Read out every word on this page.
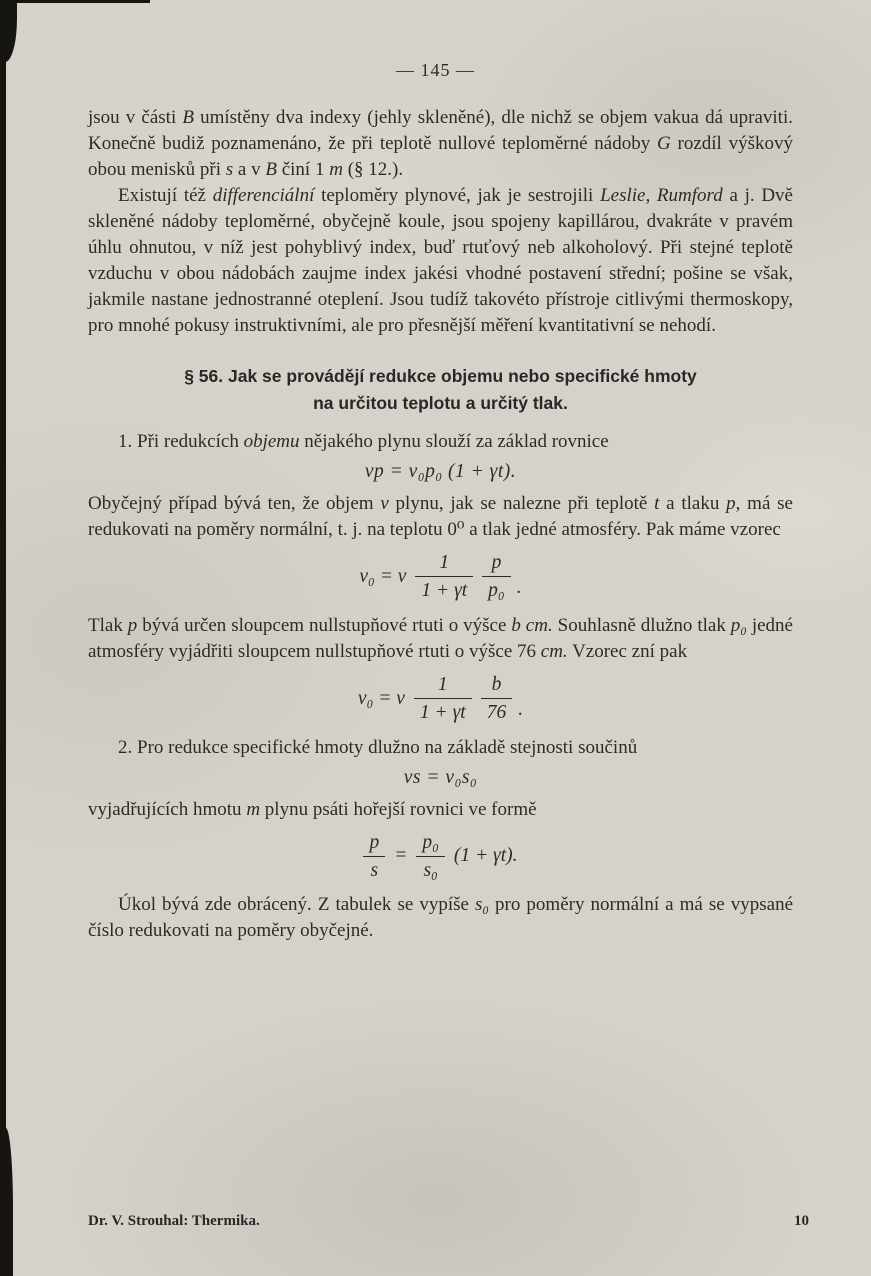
— 145 —

jsou v části B umístěny dva indexy (jehly skleněné), dle nichž se objem vakua dá upraviti. Konečně budiž poznamenáno, že při teplotě nullové teploměrné nádoby G rozdíl výškový obou menisků při s a v B činí 1 m (§ 12.).

Existují též differenciální teploměry plynové, jak je sestrojili Leslie, Rumford a j. Dvě skleněné nádoby teploměrné, obyčejně koule, jsou spojeny kapillárou, dvakráte v pravém úhlu ohnutou, v níž jest pohyblivý index, buď rtuťový neb alkoholový. Při stejné teplotě vzduchu v obou nádobách zaujme index jakési vhodné postavení střední; pošine se však, jakmile nastane jednostranné oteplení. Jsou tudíž takovéto přístroje citlivými thermoskopy, pro mnohé pokusy instruktivními, ale pro přesnější měření kvantitativní se nehodí.

§ 56. Jak se provádějí redukce objemu nebo specifické hmoty
na určitou teplotu a určitý tlak.

1. Při redukcích objemu nějakého plynu slouží za základ rovnice

vp = v₀p₀ (1 + γt).

Obyčejný případ bývá ten, že objem v plynu, jak se nalezne při teplotě t a tlaku p, má se redukovati na poměry normální, t. j. na teplotu 0⁰ a tlak jedné atmosféry. Pak máme vzorec

v₀ = v $\frac{1}{1 + \gamma t} \frac{p}{\text{p₀}}$ .

Tlak p bývá určen sloupcem nullstupňové rtuti o výšce b cm. Souhlasně dlužno tlak p₀ jedné atmosféry vyjádřiti sloupcem nullstupňové rtuti o výšce 76 cm. Vzorec zní pak

v₀ = v $\frac{1}{1 + \gamma t} \frac{b}{76}$ .

2. Pro redukce specifické hmoty dlužno na základě stejnosti součinů

vs = v₀s₀

vyjadřujících hmotu m plynu psáti hořejší rovnici ve formě

$\frac{p}{s} = \frac{\text{p₀}}{\text{s₀}} (1 + \gamma t)$.

Úkol bývá zde obrácený. Z tabulek se vypíše s₀ pro poměry normální a má se vypsané číslo redukovati na poměry obyčejné.

Dr. V. Strouhal: Thermika.	10
